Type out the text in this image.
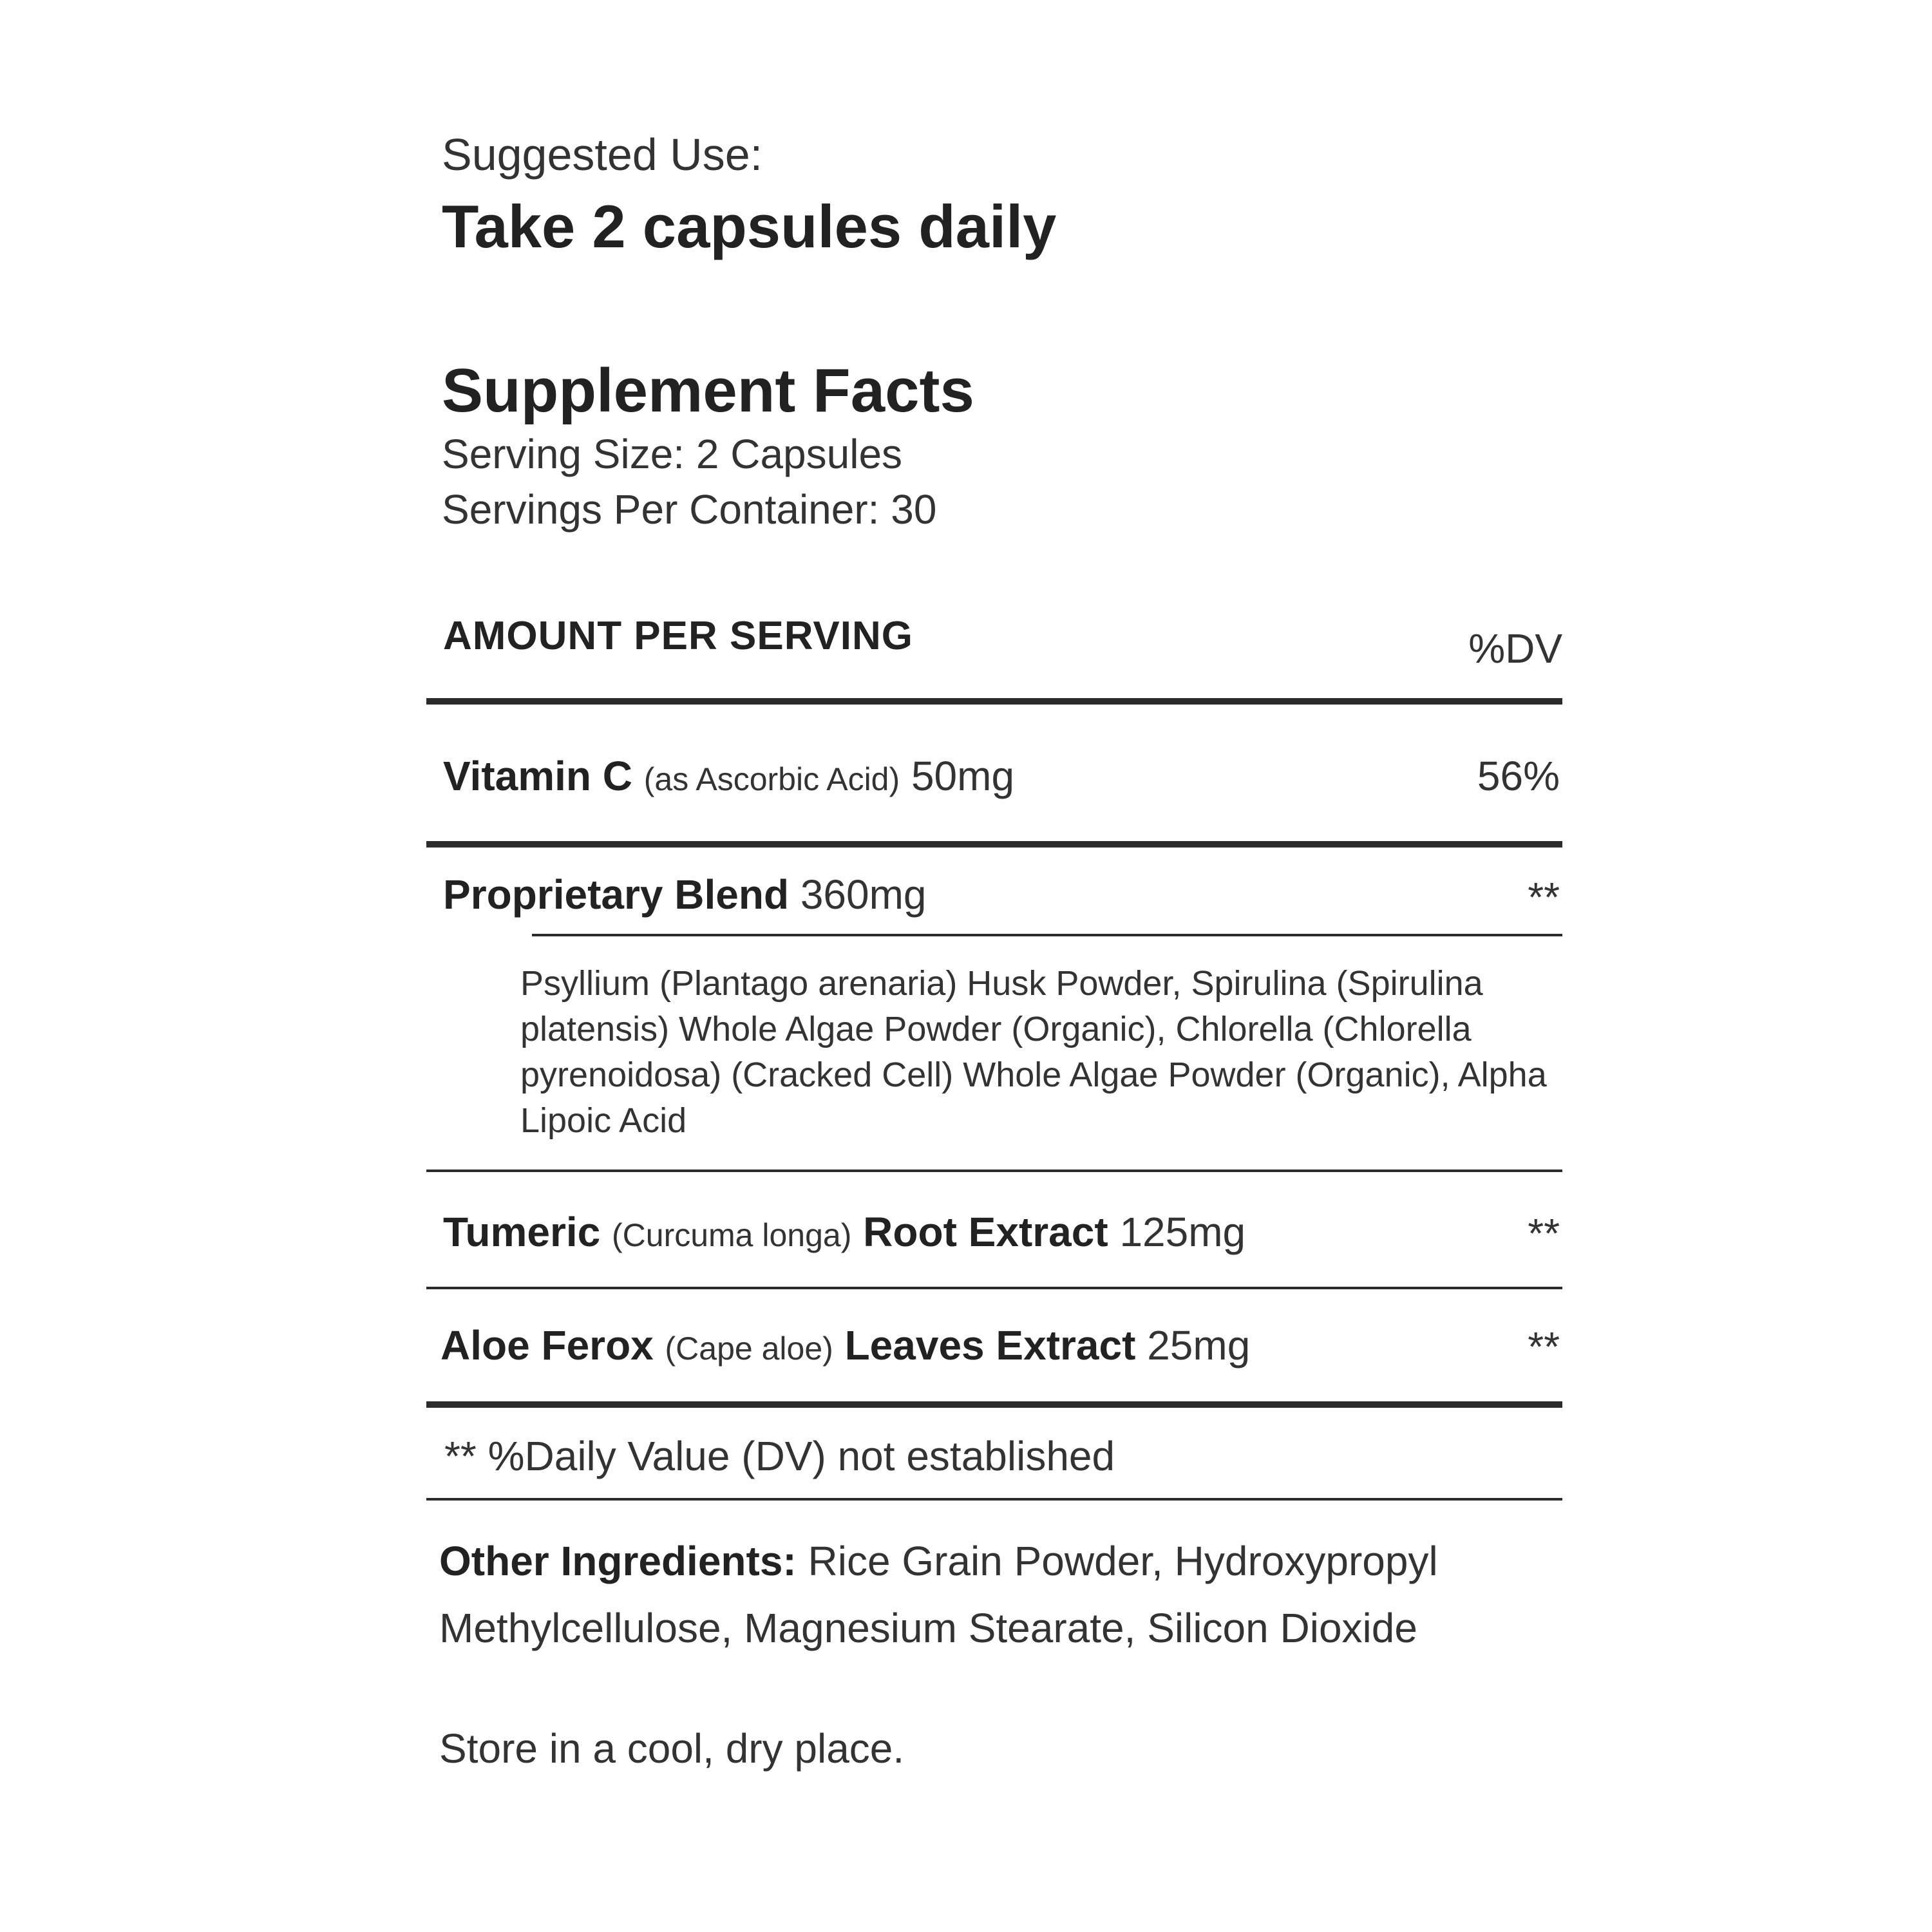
Suggested Use:
Take 2 capsules daily
Supplement Facts
Serving Size: 2 Capsules
Servings Per Container: 30
AMOUNT PER SERVING	%DV
Vitamin C (as Ascorbic Acid) 50mg	56%
Proprietary Blend 360mg	**
Psyllium (Plantago arenaria) Husk Powder, Spirulina (Spirulina platensis) Whole Algae Powder (Organic), Chlorella (Chlorella pyrenoidosa) (Cracked Cell) Whole Algae Powder (Organic), Alpha Lipoic Acid
Tumeric (Curcuma longa) Root Extract 125mg	**
Aloe Ferox (Cape aloe) Leaves Extract 25mg	**
** %Daily Value (DV) not established
Other Ingredients: Rice Grain Powder, Hydroxypropyl Methylcellulose, Magnesium Stearate, Silicon Dioxide
Store in a cool, dry place.
